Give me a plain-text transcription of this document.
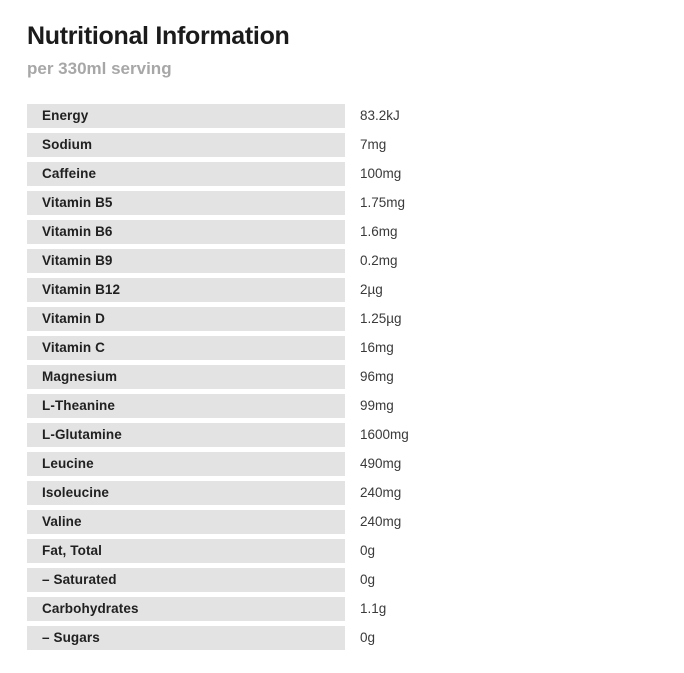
Nutritional Information

per 330ml serving

Energy	83.2kJ
Sodium	7mg
Caffeine	100mg
Vitamin B5	1.75mg
Vitamin B6	1.6mg
Vitamin B9	0.2mg
Vitamin B12	2µg
Vitamin D	1.25µg
Vitamin C	16mg
Magnesium	96mg
L-Theanine	99mg
L-Glutamine	1600mg
Leucine	490mg
Isoleucine	240mg
Valine	240mg
Fat, Total	0g
– Saturated	0g
Carbohydrates	1.1g
– Sugars	0g
